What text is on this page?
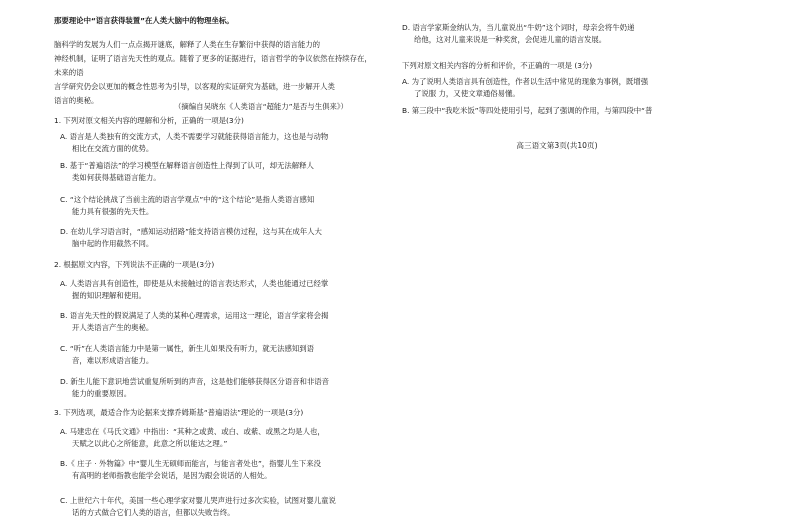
那要理论中“语言获得装置”在人类大脑中的物理坐标。

脑科学的发展为人们一点点揭开谜底，解释了人类在生存繁衍中获得的语言能力的
神经机制，证明了语言先天性的观点。随着了更多的证据进行，语言哲学的争议依然在持续存在，未来的语
言学研究仍会以更加的概念性思考为引导，以客观的实证研究为基础，进一步解开人类
语言的奥秘。

（摘编自吴晓东《人类语言“超能力”是否与生俱来》）

1. 下列对原文相关内容的理解和分析，正确的一项是(3分)

A. 语言是人类独有的交流方式，人类不需要学习就能获得语言能力，这也是与动物
相比在交流方面的优势。

B. 基于“普遍语法”的学习模型在解释语言创造性上得到了认可，却无法解释人
类如何获得基础语言能力。

C. “这个结论挑战了当前主流的语言学观点”中的“这个结论”是指人类语言感知
能力具有很强的先天性。

D. 在幼儿学习语言时，“感知运动招路”能支持语言模仿过程，这与其在成年人大
脑中起的作用截然不同。

2. 根据原文内容，下列说法不正确的一项是(3分)

A. 人类语言具有创造性，即使是从未接触过的语言表达形式，人类也能通过已经掌
握的知识理解和使用。

B. 语言先天性的假说满足了人类的某种心理需求，运用这一理论，语言学家将会揭
开人类语言产生的奥秘。

C. “听”在人类语言能力中是第一属性，新生儿如果没有听力，就无法感知到语
音，难以形成语言能力。

D. 新生儿能下意识地尝试重复所听到的声音，这是他们能够获得区分语音和非语音
能力的重要原因。

3. 下列选项，最适合作为论据来支撑乔姆斯基“普遍语法”理论的一项是(3分)

A. 马建忠在《马氏文通》中指出：“其种之或黄、或白、或紫、或黑之均是人也，
天赋之以此心之所能意，此意之所以能达之理。”

B.《 庄子 · 外物篇》中“婴儿生无硕师而能言，与能言者处也”，指婴儿生下来没
有高明的老师指教也能学会说话，是因为跟会说话的人相处。

C. 上世纪六十年代，美国一些心理学家对婴儿哭声进行过多次实验，试图对婴儿童说
话的方式做合它们人类的语言，但都以失败告终。

D. 语言学家斯金纳认为，当儿童说出“牛奶”这个词时，母亲会将牛奶递
给他，这对儿童来说是一种奖赏，会促进儿童的语言发展。

下列对原文相关内容的分析和评价，不正确的一项是 (3分)

A. 为了说明人类语言具有创造性，作者以生活中常见的现象为事例，既增强
了说服 力，又使文章通俗易懂。

B. 第三段中“我吃米饭”等四处使用引号，起到了强调的作用，与第四段中“普

高三语文第3页(共10页)
